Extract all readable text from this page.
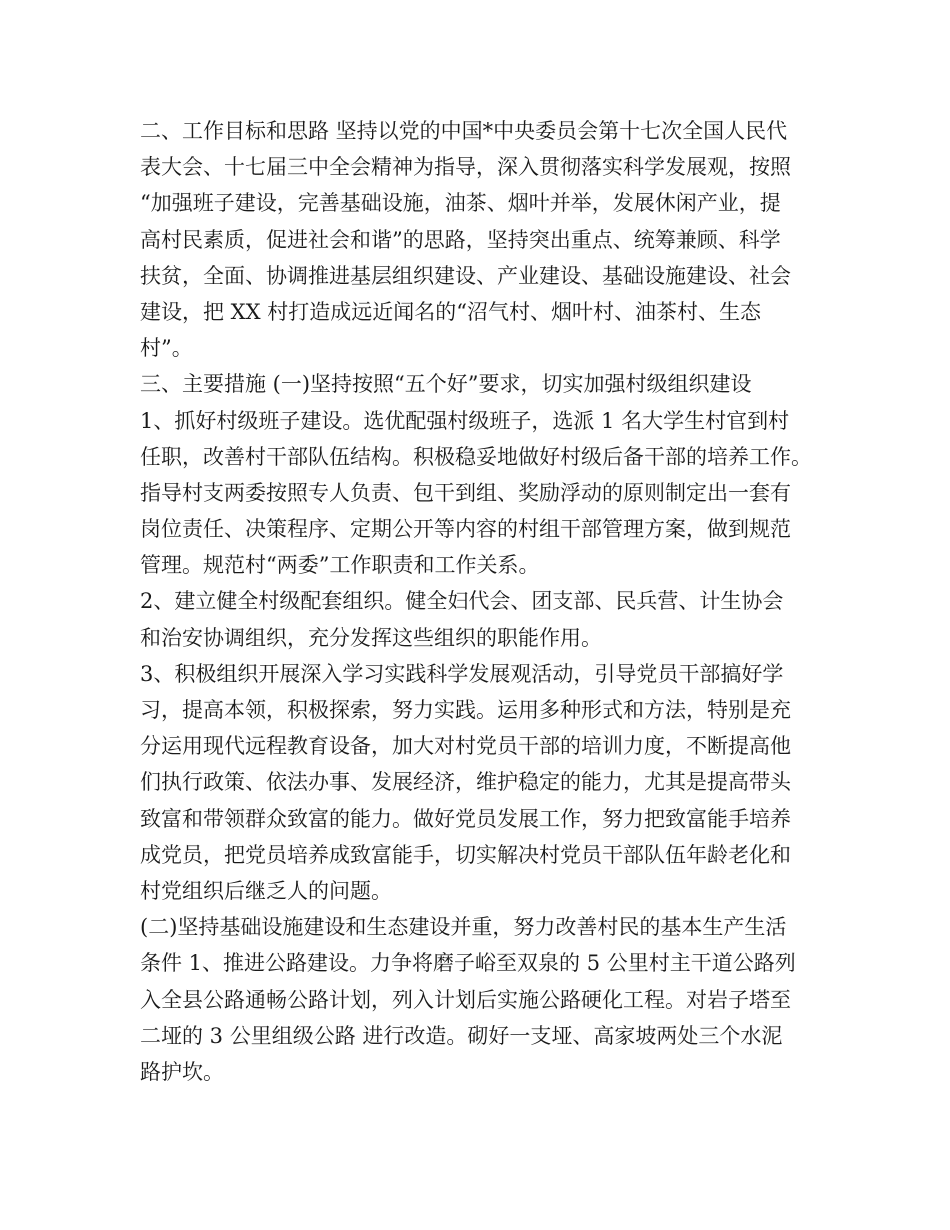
二、工作目标和思路 坚持以党的中国*中央委员会第十七次全国人民代
表大会、十七届三中全会精神为指导，深入贯彻落实科学发展观，按照
“加强班子建设，完善基础设施，油茶、烟叶并举，发展休闲产业，提
高村民素质，促进社会和谐”的思路，坚持突出重点、统筹兼顾、科学
扶贫，全面、协调推进基层组织建设、产业建设、基础设施建设、社会
建设，把 XX 村打造成远近闻名的“沼气村、烟叶村、油茶村、生态
村”。
三、主要措施 (一)坚持按照“五个好”要求，切实加强村级组织建设
1、抓好村级班子建设。选优配强村级班子，选派 1 名大学生村官到村
任职，改善村干部队伍结构。积极稳妥地做好村级后备干部的培养工作。
指导村支两委按照专人负责、包干到组、奖励浮动的原则制定出一套有
岗位责任、决策程序、定期公开等内容的村组干部管理方案，做到规范
管理。规范村“两委”工作职责和工作关系。
2、建立健全村级配套组织。健全妇代会、团支部、民兵营、计生协会
和治安协调组织，充分发挥这些组织的职能作用。
3、积极组织开展深入学习实践科学发展观活动，引导党员干部搞好学
习，提高本领，积极探索，努力实践。运用多种形式和方法，特别是充
分运用现代远程教育设备，加大对村党员干部的培训力度，不断提高他
们执行政策、依法办事、发展经济，维护稳定的能力，尤其是提高带头
致富和带领群众致富的能力。做好党员发展工作，努力把致富能手培养
成党员，把党员培养成致富能手，切实解决村党员干部队伍年龄老化和
村党组织后继乏人的问题。
(二)坚持基础设施建设和生态建设并重，努力改善村民的基本生产生活
条件 1、推进公路建设。力争将磨子峪至双泉的 5 公里村主干道公路列
入全县公路通畅公路计划，列入计划后实施公路硬化工程。对岩子塔至
二垭的 3 公里组级公路 进行改造。砌好一支垭、高家坡两处三个水泥
路护坎。
